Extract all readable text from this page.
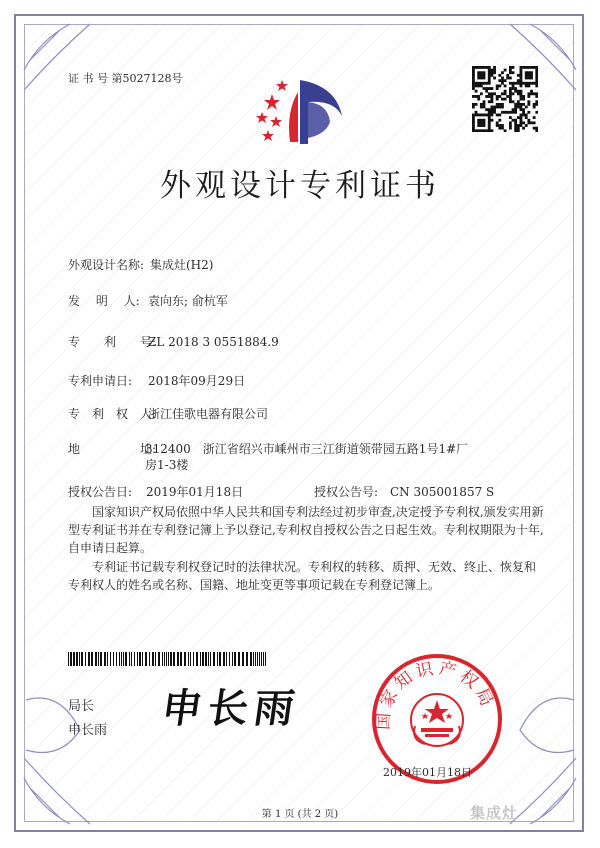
证 书 号 第5027128号
外观设计专利证书
外观设计名称: 集成灶(H2)
发　 明　 人: 袁向东; 俞杭军
专　　利　　号:
ZL 2018 3 0551884.9
专利申请日: 2018年09月29日
专　利　权　人:
浙江佳歌电器有限公司
地　　　　　址:
312400　浙江省绍兴市嵊州市三江街道领带园五路1号1#厂
房1-3楼
授权公告日: 2019年01月18日	授权公告号: CN 305001857 S

国家知识产权局依照中华人民共和国专利法经过初步审查,决定授予专利权,颁发实用新型专利证书并在专利登记簿上予以登记,专利权自授权公告之日起生效。专利权期限为十年,自申请日起算。

专利证书记载专利权登记时的法律状况。专利权的转移、质押、无效、终止、恢复和专利权人的姓名或名称、国籍、地址变更等事项记载在专利登记簿上。

局长
申长雨 申长雨	国家知识产权局
2019年01月18日
第 1 页 (共 2 页)	集成灶
